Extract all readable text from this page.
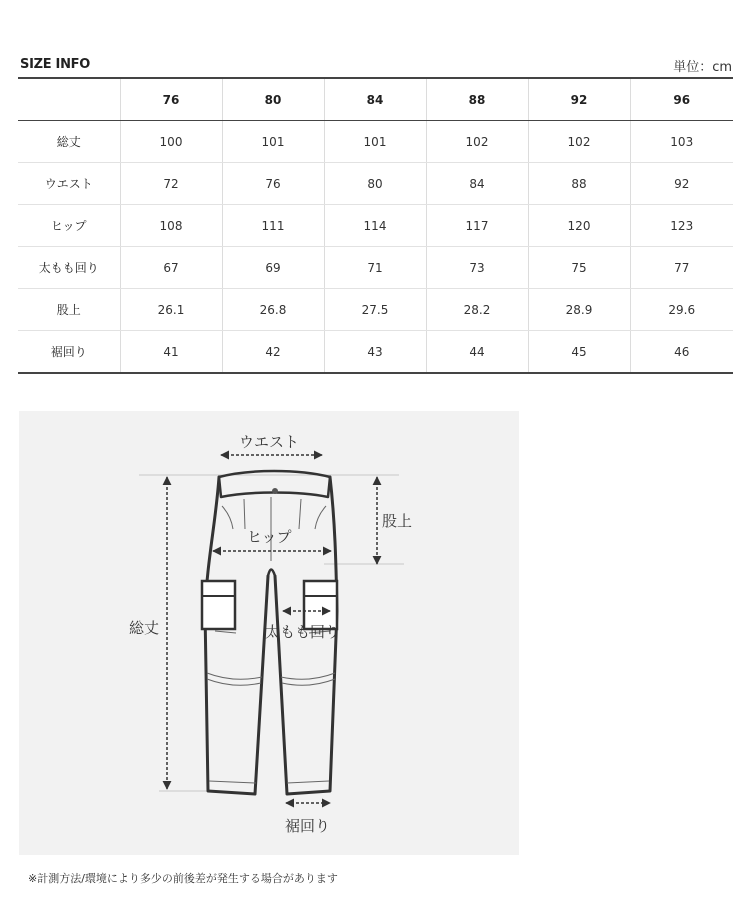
SIZE INFO	単位：cm
	76	80	84	88	92	96
総丈	100	101	101	102	102	103
ウエスト	72	76	80	84	88	92
ヒップ	108	111	114	117	120	123
太もも回り	67	69	71	73	75	77
股上	26.1	26.8	27.5	28.2	28.9	29.6
裾回り	41	42	43	44	45	46
ウエスト
股上
ヒップ
総丈	太もも回り
裾回り
※計測方法/環境により多少の前後差が発生する場合があります
